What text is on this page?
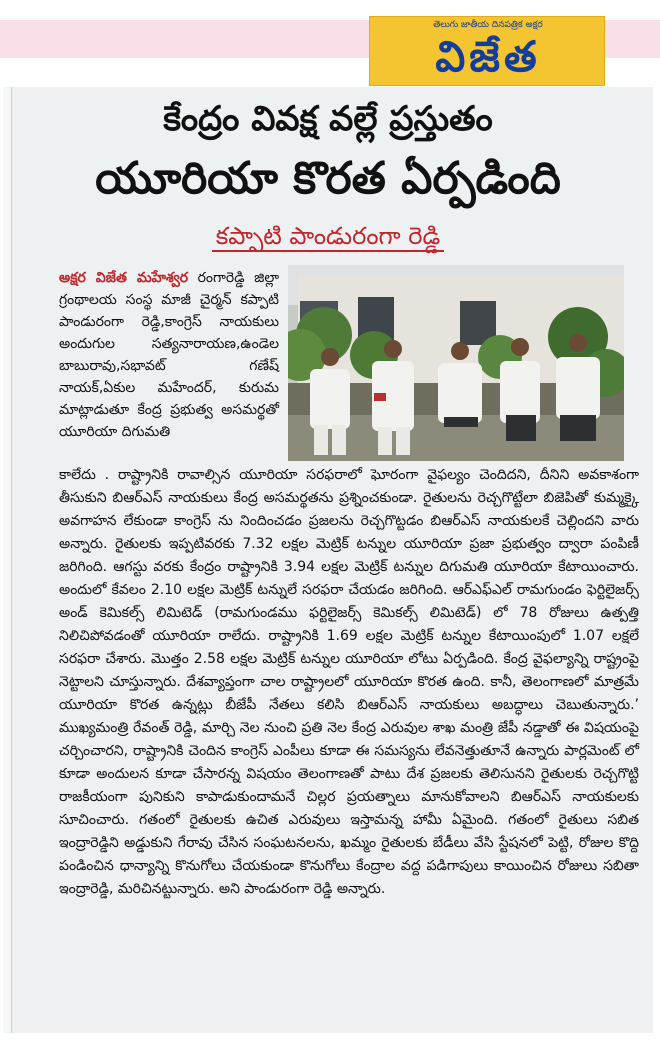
తెలుగు జాతీయ దినపత్రిక అక్షర
విజేత
కేంద్రం వివక్ష వల్లే ప్రస్తుతం
యూరియా కొరత ఏర్పడింది
కప్పాటి పాండురంగా రెడ్డి
అక్షర విజేత మహేశ్వర రంగారెడ్డి జిల్లా గ్రంథాలయ సంస్థ మాజీ చైర్మన్ కప్పాటి పాండురంగా రెడ్డి,కాంగ్రెస్ నాయకులు అందుగుల సత్యనారాయణ,ఉండెల బాబురావు,సభావట్ గణేష్ నాయక్,ఏకుల మహేందర్, కురుమ మాట్లాడుతూ కేంద్ర ప్రభుత్వ అసమర్థతో యూరియా దిగుమతి
కాలేదు . రాష్ట్రానికి రావాల్సిన యూరియా సరఫరాలో ఘోరంగా వైఫల్యం చెందిదని, దీనిని అవకాశంగా తీసుకుని బిఆర్ఎస్ నాయకులు కేంద్ర అసమర్థతను ప్రశ్నించకుండా. రైతులను రెచ్చగొట్టేలా బిజెపితో కుమ్మక్కై అవగాహన లేకుండా కాంగ్రెస్ ను నిందించడం ప్రజలను రెచ్చగొట్టడం బిఆర్ఎస్ నాయకులకే చెల్లిందని వారు అన్నారు. రైతులకు ఇప్పటివరకు 7.32 లక్షల మెట్రిక్ టన్నుల యూరియా ప్రజా ప్రభుత్వం ద్వారా పంపిణీ జరిగింది. ఆగస్టు వరకు కేంద్రం రాష్ట్రానికి 3.94 లక్షల మెట్రిక్ టన్నుల దిగుమతి యూరియా కేటాయించారు. అందులో కేవలం 2.10 లక్షల మెట్రిక్ టన్నులే సరఫరా చేయడం జరిగింది. ఆర్ఎఫ్ఎల్ రామగుండం ఫెర్టిలైజర్స్ అండ్ కెమికల్స్ లిమిటెడ్ (రామగుండము ఫర్టిలైజర్స్ కెమికల్స్ లిమిటెడ్) లో 78 రోజులు ఉత్పత్తి నిలిచిపోవడంతో యూరియా రాలేదు. రాష్ట్రానికి 1.69 లక్షల మెట్రిక్ టన్నుల కేటాయింపులో 1.07 లక్షలే సరఫరా చేశారు. మొత్తం 2.58 లక్షల మెట్రిక్ టన్నుల యూరియా లోటు ఏర్పడింది. కేంద్ర వైఫల్యాన్ని రాష్ట్రంపై నెట్టాలని చూస్తున్నారు. దేశవ్యాప్తంగా చాల రాష్ట్రాలలో యూరియా కొరత ఉంది. కానీ, తెలంగాణలో మాత్రమే యూరియా కొరత ఉన్నట్లు బీజేపీ నేతలు కలిసి బిఆర్ఎస్ నాయకులు అబద్ధాలు చెబుతున్నారు.’ ముఖ్యమంత్రి రేవంత్ రెడ్డి, మార్చి నెల నుంచి ప్రతి నెల కేంద్ర ఎరువుల శాఖ మంత్రి జేపీ నడ్డాతో ఈ విషయంపై చర్చించారని, రాష్ట్రానికి చెందిన కాంగ్రెస్ ఎంపీలు కూడా ఈ సమస్యను లేవనెత్తుతూనే ఉన్నారు పార్లమెంట్ లో కూడా అందులన కూడా చేసారన్న విషయం తెలంగాణతో పాటు దేశ ప్రజలకు తెలిసునని రైతులకు రెచ్చగొట్టి రాజకీయంగా పునికుని కాపాడుకుందామనే చిల్లర ప్రయత్నాలు మానుకోవాలని బిఆర్ఎస్ నాయకులకు సూచించారు. గతంలో రైతులకు ఉచిత ఎరువులు ఇస్తామన్న హామీ ఏమైంది. గతంలో రైతులు సబిత ఇంద్రారెడ్డిని అడ్డుకుని గేరావు చేసిన సంఘటనలను, ఖమ్మం రైతులకు బేడీలు వేసి స్టేషనలో పెట్టి, రోజుల కొద్ది పండించిన ధాన్యాన్ని కొనుగోలు చేయకుండా కొనుగోలు కేంద్రాల వద్ద పడిగాపులు కాయించిన రోజులు సబితా ఇంద్రారెడ్డి, మరిచినట్టున్నారు. అని పాండురంగా రెడ్డి అన్నారు.
